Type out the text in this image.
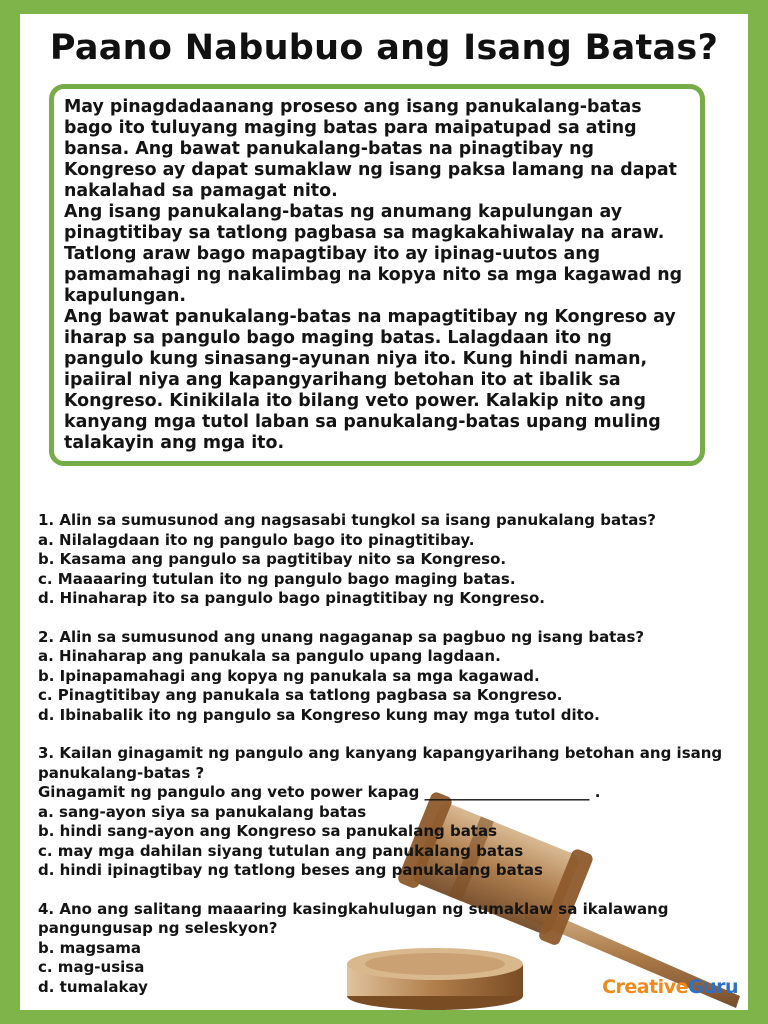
Paano Nabubuo ang Isang Batas?

May pinagdadaanang proseso ang isang panukalang-batas bago ito tuluyang maging batas para maipatupad sa ating bansa. Ang bawat panukalang-batas na pinagtibay ng Kongreso ay dapat sumaklaw ng isang paksa lamang na dapat nakalahad sa pamagat nito.

Ang isang panukalang-batas ng anumang kapulungan ay pinagtitibay sa tatlong pagbasa sa magkakahiwalay na araw. Tatlong araw bago mapagtibay ito ay ipinag-uutos ang pamamahagi ng nakalimbag na kopya nito sa mga kagawad ng kapulungan.

Ang bawat panukalang-batas na mapagtitibay ng Kongreso ay iharap sa pangulo bago maging batas. Lalagdaan ito ng pangulo kung sinasang-ayunan niya ito. Kung hindi naman, ipaiiral niya ang kapangyarihang betohan ito at ibalik sa Kongreso. Kinikilala ito bilang veto power. Kalakip nito ang kanyang mga tutol laban sa panukalang-batas upang muling talakayin ang mga ito.

1. Alin sa sumusunod ang nagsasabi tungkol sa isang panukalang batas?
a. Nilalagdaan ito ng pangulo bago ito pinagtitibay.
b. Kasama ang pangulo sa pagtitibay nito sa Kongreso.
c. Maaaaring tutulan ito ng pangulo bago maging batas.
d. Hinaharap ito sa pangulo bago pinagtitibay ng Kongreso.
2. Alin sa sumusunod ang unang nagaganap sa pagbuo ng isang batas?
a. Hinaharap ang panukala sa pangulo upang lagdaan.
b. Ipinapamahagi ang kopya ng panukala sa mga kagawad.
c. Pinagtitibay ang panukala sa tatlong pagbasa sa Kongreso.
d. Ibinabalik ito ng pangulo sa Kongreso kung may mga tutol dito.
3. Kailan ginagamit ng pangulo ang kanyang kapangyarihang betohan ang isang panukalang-batas ?
Ginagamit ng pangulo ang veto power kapag ______________________ .
a. sang-ayon siya sa panukalang batas
b. hindi sang-ayon ang Kongreso sa panukalang batas
c. may mga dahilan siyang tutulan ang panukalang batas
d. hindi ipinagtibay ng tatlong beses ang panukalang batas
4. Ano ang salitang maaaring kasingkahulugan ng sumaklaw sa ikalawang pangungusap ng seleskyon?
b. magsama
c. mag-usisa
d. tumalakay	CreativeGuru
